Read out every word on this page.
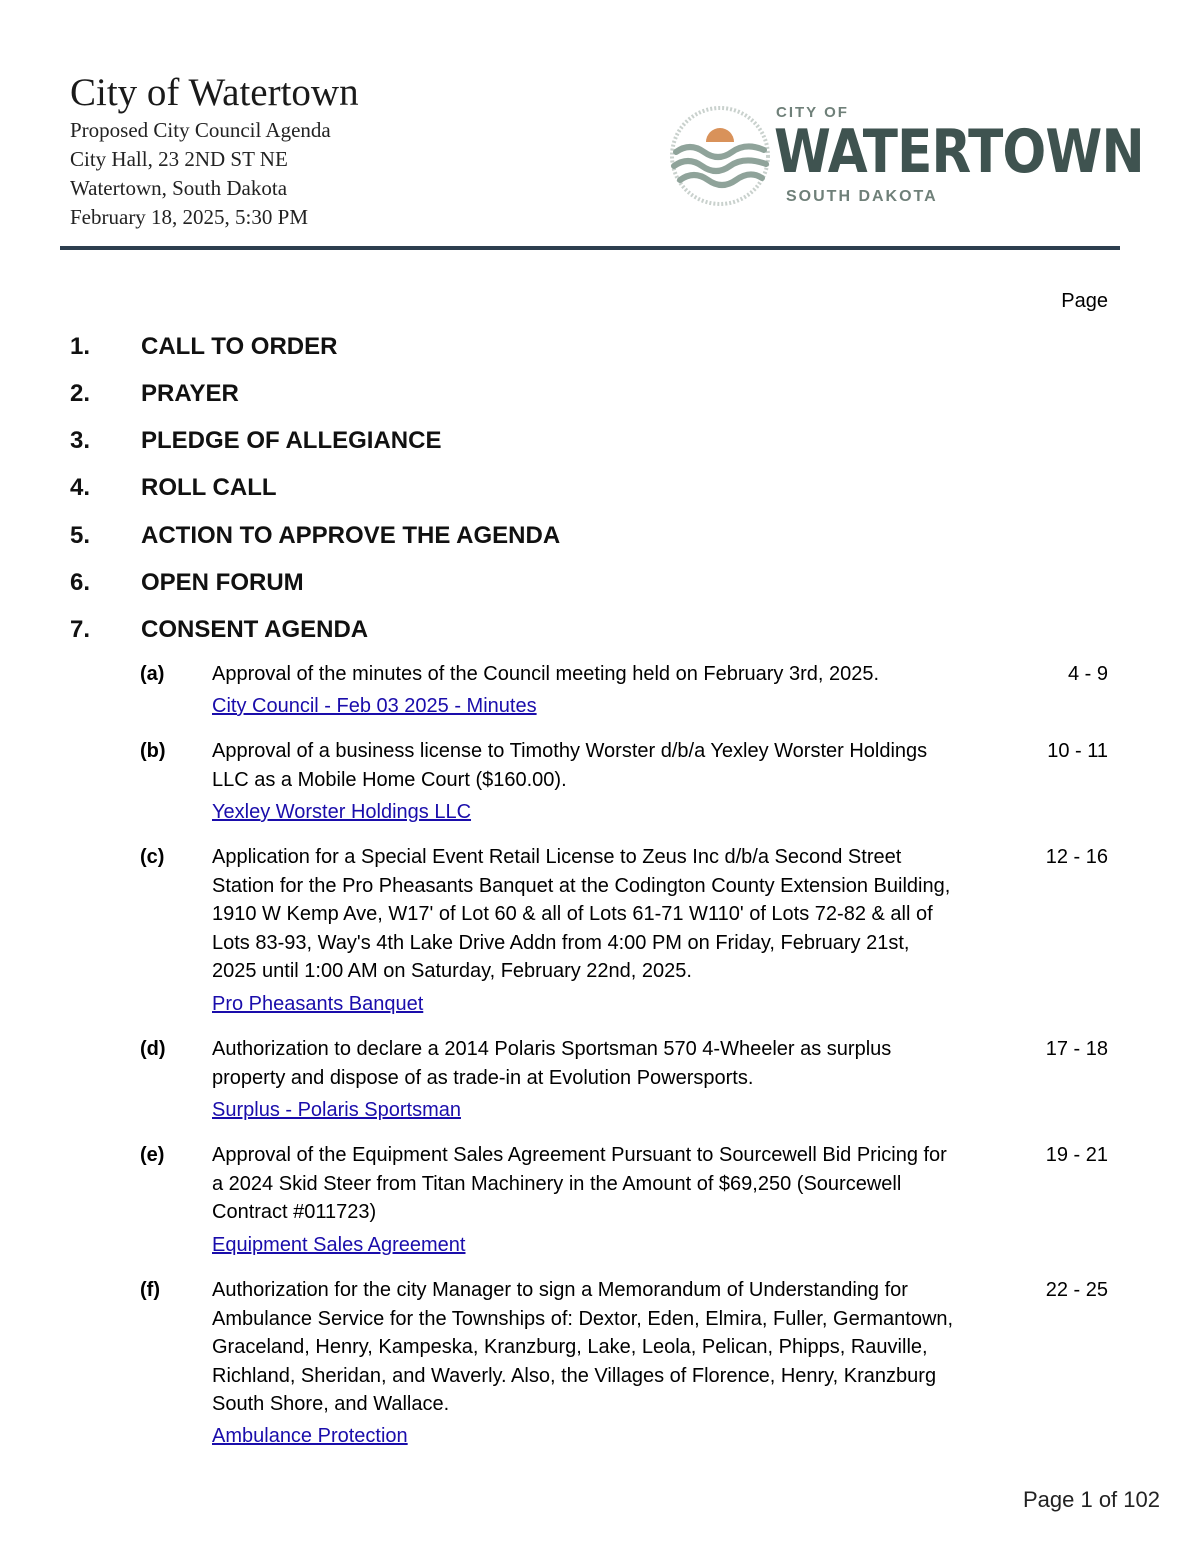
City of Watertown
Proposed City Council Agenda
City Hall, 23 2ND ST NE
Watertown, South Dakota
February 18, 2025, 5:30 PM
CITY OF
WATERTOWN
SOUTH DAKOTA
Page
1. CALL TO ORDER
2. PRAYER
3. PLEDGE OF ALLEGIANCE
4. ROLL CALL
5. ACTION TO APPROVE THE AGENDA
6. OPEN FORUM
7. CONSENT AGENDA
(a) Approval of the minutes of the Council meeting held on February 3rd, 2025.	4 - 9
City Council - Feb 03 2025 - Minutes
(b) Approval of a business license to Timothy Worster d/b/a Yexley Worster Holdings LLC as a Mobile Home Court ($160.00).
10 - 11
Yexley Worster Holdings LLC
(c) Application for a Special Event Retail License to Zeus Inc d/b/a Second Street Station for the Pro Pheasants Banquet at the Codington County Extension Building, 1910 W Kemp Ave, W17' of Lot 60 & all of Lots 61-71 W110' of Lots 72-82 & all of Lots 83-93, Way's 4th Lake Drive Addn from 4:00 PM on Friday, February 21st, 2025 until 1:00 AM on Saturday, February 22nd, 2025.
12 - 16
Pro Pheasants Banquet
(d) Authorization to declare a 2014 Polaris Sportsman 570 4-Wheeler as surplus property and dispose of as trade-in at Evolution Powersports.
17 - 18
Surplus - Polaris Sportsman
(e) Approval of the Equipment Sales Agreement Pursuant to Sourcewell Bid Pricing for a 2024 Skid Steer from Titan Machinery in the Amount of $69,250 (Sourcewell Contract #011723)
19 - 21
Equipment Sales Agreement
(f)	Authorization for the city Manager to sign a Memorandum of Understanding for Ambulance Service for the Townships of: Dextor, Eden, Elmira, Fuller, Germantown, Graceland, Henry, Kampeska, Kranzburg, Lake, Leola, Pelican, Phipps, Rauville, Richland, Sheridan, and Waverly. Also, the Villages of Florence, Henry, Kranzburg South Shore, and Wallace.
22 - 25
Ambulance Protection
Page 1 of 102
